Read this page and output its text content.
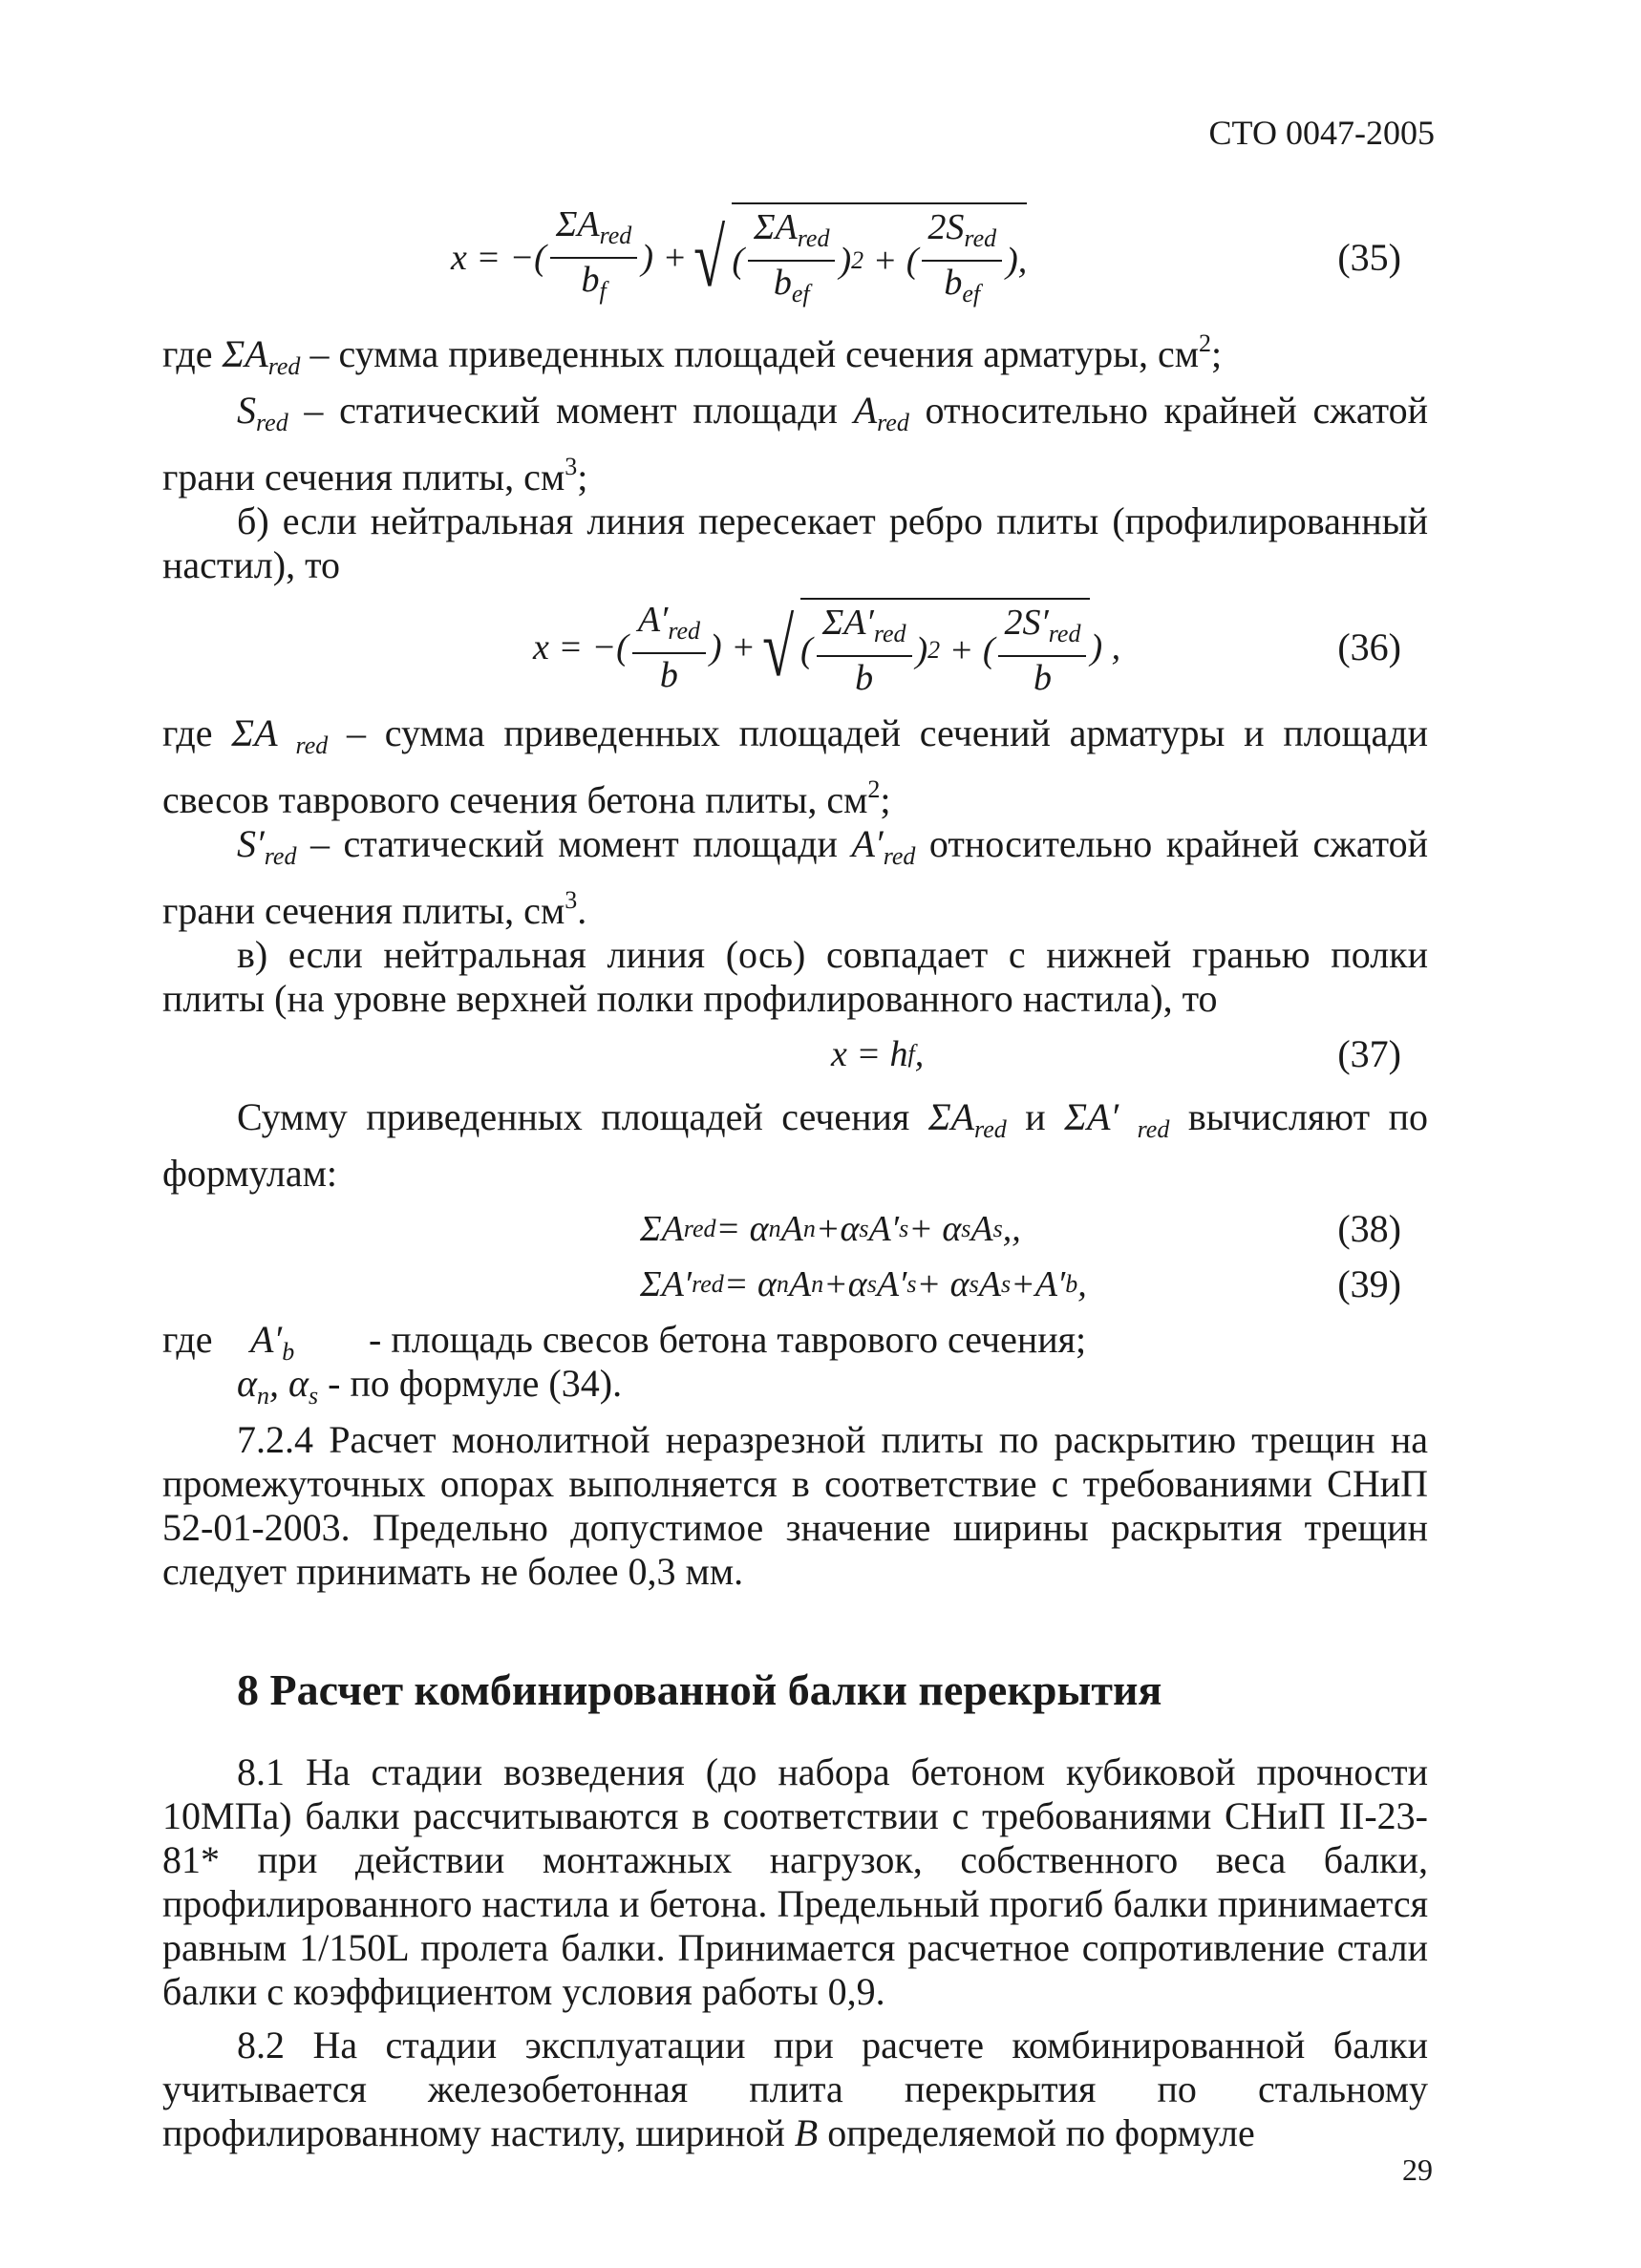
СТО 0047-2005
x = −( $\frac{\Sigma A_{red}}{b_f}$ ) + √ ( $\frac{\Sigma A_{red}}{b_{ef}}$ ) 2 + ( $\frac{2S_{red}}{b_{ef}}$ ),	(35)

где $\Sigma A_{red}$ – сумма приведенных площадей сечения арматуры, $см^2$;

$S_{red}$ – статический момент площади $A_{red}$ относительно крайней сжатой грани сечения плиты, $см^3$;

б) если нейтральная линия пересекает ребро плиты (профилированный настил), то

x = −( $\frac{A'_{red}}{b}$ ) + √ ( $\frac{\Sigma A'_{red}}{b}$ ) 2 + ( $\frac{2S'_{red}}{b}$ ) ,	(36)

где ΣA $_{red}$ – сумма приведенных площадей сечений арматуры и площади свесов таврового сечения бетона плиты, $см^2$;

$S'_{red}$ – статический момент площади $A'_{red}$ относительно крайней сжатой грани сечения плиты, $см^3$.

в) если нейтральная линия (ось) совпадает с нижней гранью полки плиты (на уровне верхней полки профилированного настила), то

x = h f ,	(37)

Сумму приведенных площадей сечения $\Sigma A_{red}$ и ΣA′ $_{red}$ вычисляют по формулам:

ΣA red = α n A n +α s A′ s + α s A s ,,	(38)
ΣA′ red = α n A n +α s A′ s + α s A s +A′ b ,	(39)
где $A'_b$ - площадь свесов бетона таврового сечения;

$\alpha_n$, $\alpha_s$ - по формуле (34).

7.2.4 Расчет монолитной неразрезной плиты по раскрытию трещин на промежуточных опорах выполняется в соответствие с требованиями СНиП 52-01-2003. Предельно допустимое значение ширины раскрытия трещин следует принимать не более 0,3 мм.

8 Расчет комбинированной балки перекрытия

8.1 На стадии возведения (до набора бетоном кубиковой прочности 10МПа) балки рассчитываются в соответствии с требованиями СНиП II-23-81* при действии монтажных нагрузок, собственного веса балки, профилированного настила и бетона. Предельный прогиб балки принимается равным 1/150L пролета балки. Принимается расчетное сопротивление стали балки с коэффициентом условия работы 0,9.

8.2 На стадии эксплуатации при расчете комбинированной балки учитывается железобетонная плита перекрытия по стальному профилированному настилу, шириной B определяемой по формуле

29
